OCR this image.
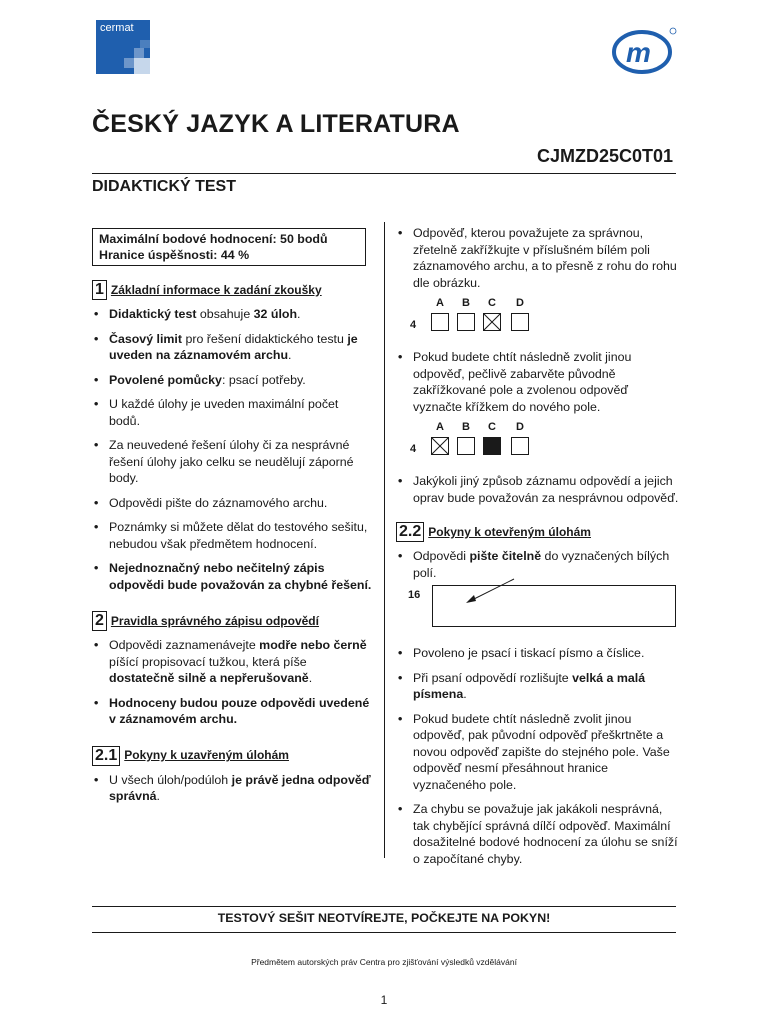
cermat
m
ČESKÝ JAZYK A LITERATURA
CJMZD25C0T01
DIDAKTICKÝ TEST
Maximální bodové hodnocení: 50 bodů
Hranice úspěšnosti: 44 %
1 Základní informace k zadání zkoušky
• Didaktický test obsahuje 32 úloh.
• Časový limit pro řešení didaktického testu je uveden na záznamovém archu.
• Povolené pomůcky: psací potřeby.
• U každé úlohy je uveden maximální počet bodů.
• Za neuvedené řešení úlohy či za nesprávné řešení úlohy jako celku se neudělují záporné body.
• Odpovědi pište do záznamového archu.
• Poznámky si můžete dělat do testového sešitu, nebudou však předmětem hodnocení.
• Nejednoznačný nebo nečitelný zápis odpovědi bude považován za chybné řešení.
2 Pravidla správného zápisu odpovědí
• Odpovědi zaznamenávejte modře nebo černě píšící propisovací tužkou, která píše dostatečně silně a nepřerušovaně.
• Hodnoceny budou pouze odpovědi uvedené v záznamovém archu.
2.1 Pokyny k uzavřeným úlohám
• U všech úloh/podúloh je právě jedna odpověď správná.
• Odpověď, kterou považujete za správnou, zřetelně zakřížkujte v příslušném bílém poli záznamového archu, a to přesně z rohu do rohu dle obrázku.
A	B	C	D
4
• Pokud budete chtít následně zvolit jinou odpověď, pečlivě zabarvěte původně zakřížkované pole a zvolenou odpověď vyznačte křížkem do nového pole.
A	B	C	D
4
• Jakýkoli jiný způsob záznamu odpovědí a jejich oprav bude považován za nesprávnou odpověď.
2.2 Pokyny k otevřeným úlohám
• Odpovědi pište čitelně do vyznačených bílých polí.
16
• Povoleno je psací i tiskací písmo a číslice.
• Při psaní odpovědí rozlišujte velká a malá písmena.
• Pokud budete chtít následně zvolit jinou odpověď, pak původní odpověď přeškrtněte a novou odpověď zapište do stejného pole. Vaše odpověď nesmí přesáhnout hranice vyznačeného pole.
• Za chybu se považuje jak jakákoli nesprávná, tak chybějící správná dílčí odpověď. Maximální dosažitelné bodové hodnocení za úlohu se sníží o započítané chyby.
TESTOVÝ SEŠIT NEOTVÍREJTE, POČKEJTE NA POKYN!
Předmětem autorských práv Centra pro zjišťování výsledků vzdělávání
1
